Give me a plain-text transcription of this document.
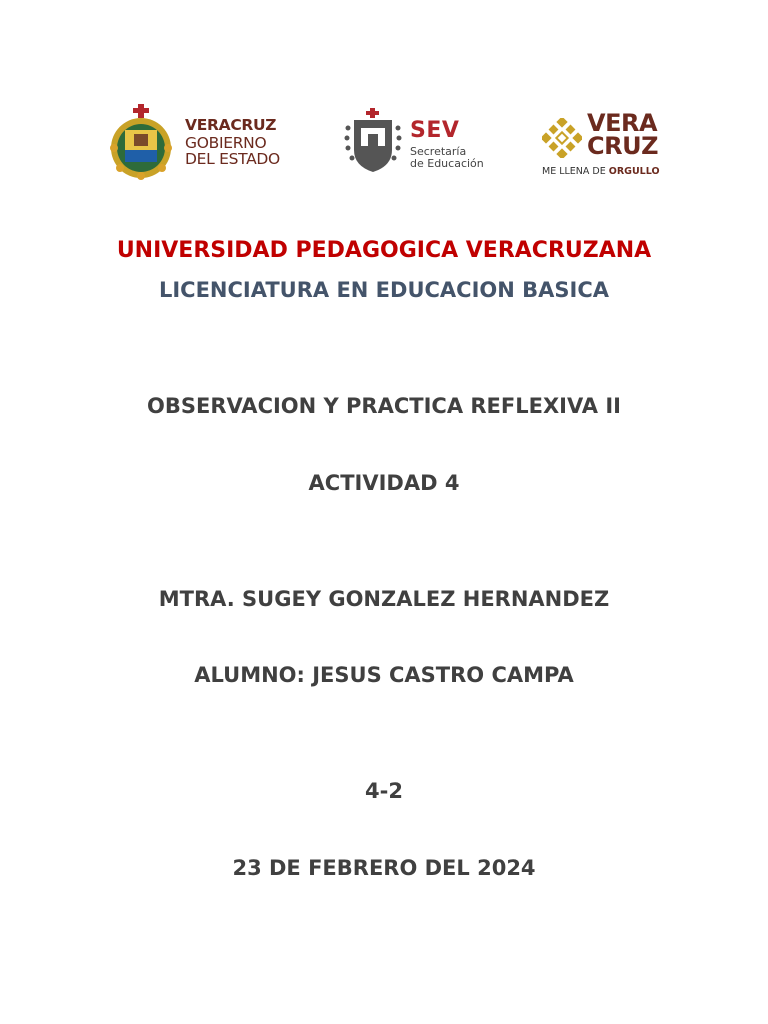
VERACRUZ
GOBIERNO
DEL ESTADO
SEV
Secretaría
de Educación
VERA
CRUZ
ME LLENA DE ORGULLO
UNIVERSIDAD PEDAGOGICA VERACRUZANA
LICENCIATURA EN EDUCACION BASICA
OBSERVACION Y PRACTICA REFLEXIVA II
ACTIVIDAD 4
MTRA. SUGEY GONZALEZ HERNANDEZ
ALUMNO: JESUS CASTRO CAMPA
4-2
23 DE FEBRERO DEL 2024
